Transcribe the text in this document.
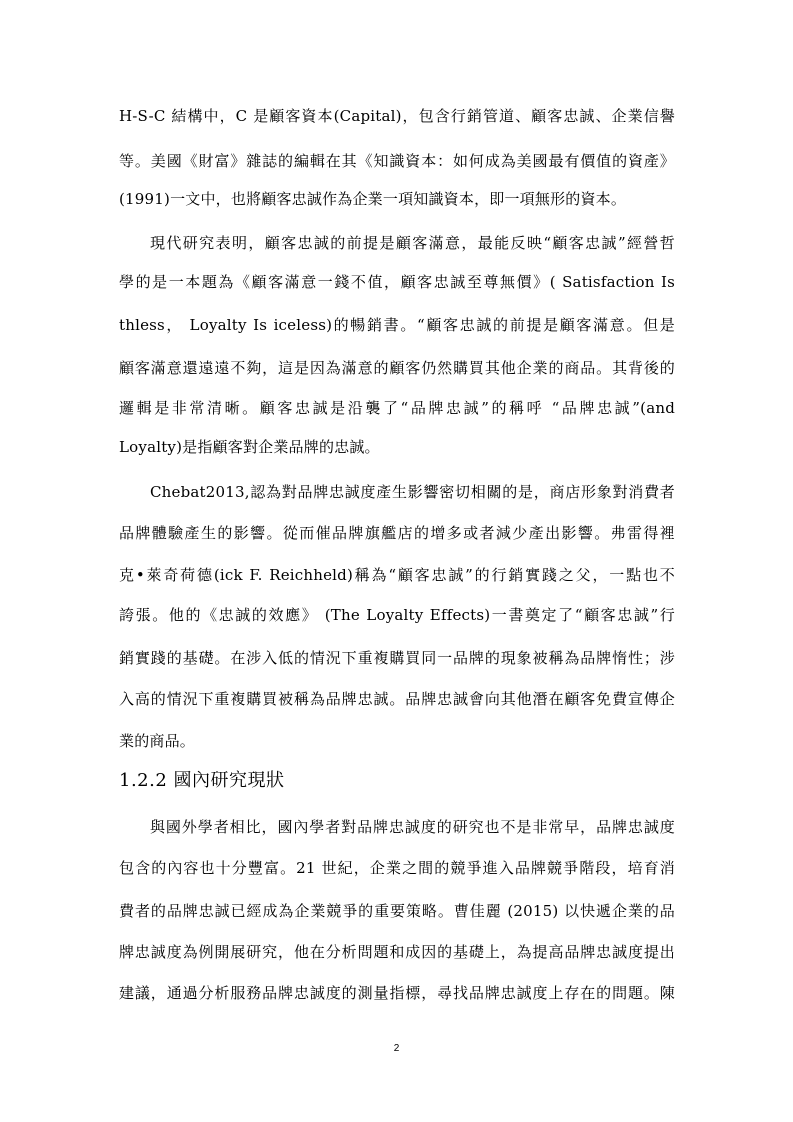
H-S-C 結構中，C 是顧客資本(Capital)，包含行銷管道、顧客忠誠、企業信譽
等。美國《財富》雜誌的編輯在其《知識資本：如何成為美國最有價值的資產》
(1991)一文中，也將顧客忠誠作為企業一項知識資本，即一項無形的資本。
現代研究表明，顧客忠誠的前提是顧客滿意，最能反映“顧客忠誠”經營哲
學的是一本題為《顧客滿意一錢不值，顧客忠誠至尊無價》( Satisfaction Is
thless， Loyalty Is iceless)的暢銷書。“顧客忠誠的前提是顧客滿意。但是
顧客滿意還遠遠不夠，這是因為滿意的顧客仍然購買其他企業的商品。其背後的
邏輯是非常清晰。顧客忠誠是沿襲了“品牌忠誠”的稱呼 “品牌忠誠”(and
Loyalty)是指顧客對企業品牌的忠誠。
Chebat2013,認為對品牌忠誠度產生影響密切相關的是，商店形象對消費者
品牌體驗產生的影響。從而催品牌旗艦店的增多或者減少產出影響。弗雷得裡
克•萊奇荷德(ick F. Reichheld)稱為“顧客忠誠”的行銷實踐之父，一點也不
誇張。他的《忠誠的效應》 (The Loyalty Effects)一書奠定了“顧客忠誠”行
銷實踐的基礎。在涉入低的情況下重複購買同一品牌的現象被稱為品牌惰性；涉
入高的情況下重複購買被稱為品牌忠誠。品牌忠誠會向其他潛在顧客免費宣傳企
業的商品。
1.2.2 國內研究現狀
與國外學者相比，國內學者對品牌忠誠度的研究也不是非常早，品牌忠誠度
包含的內容也十分豐富。21 世紀，企業之間的競爭進入品牌競爭階段，培育消
費者的品牌忠誠已經成為企業競爭的重要策略。曹佳麗 (2015) 以快遞企業的品
牌忠誠度為例開展研究，他在分析問題和成因的基礎上，為提高品牌忠誠度提出
建議，通過分析服務品牌忠誠度的測量指標，尋找品牌忠誠度上存在的問題。陳
2
